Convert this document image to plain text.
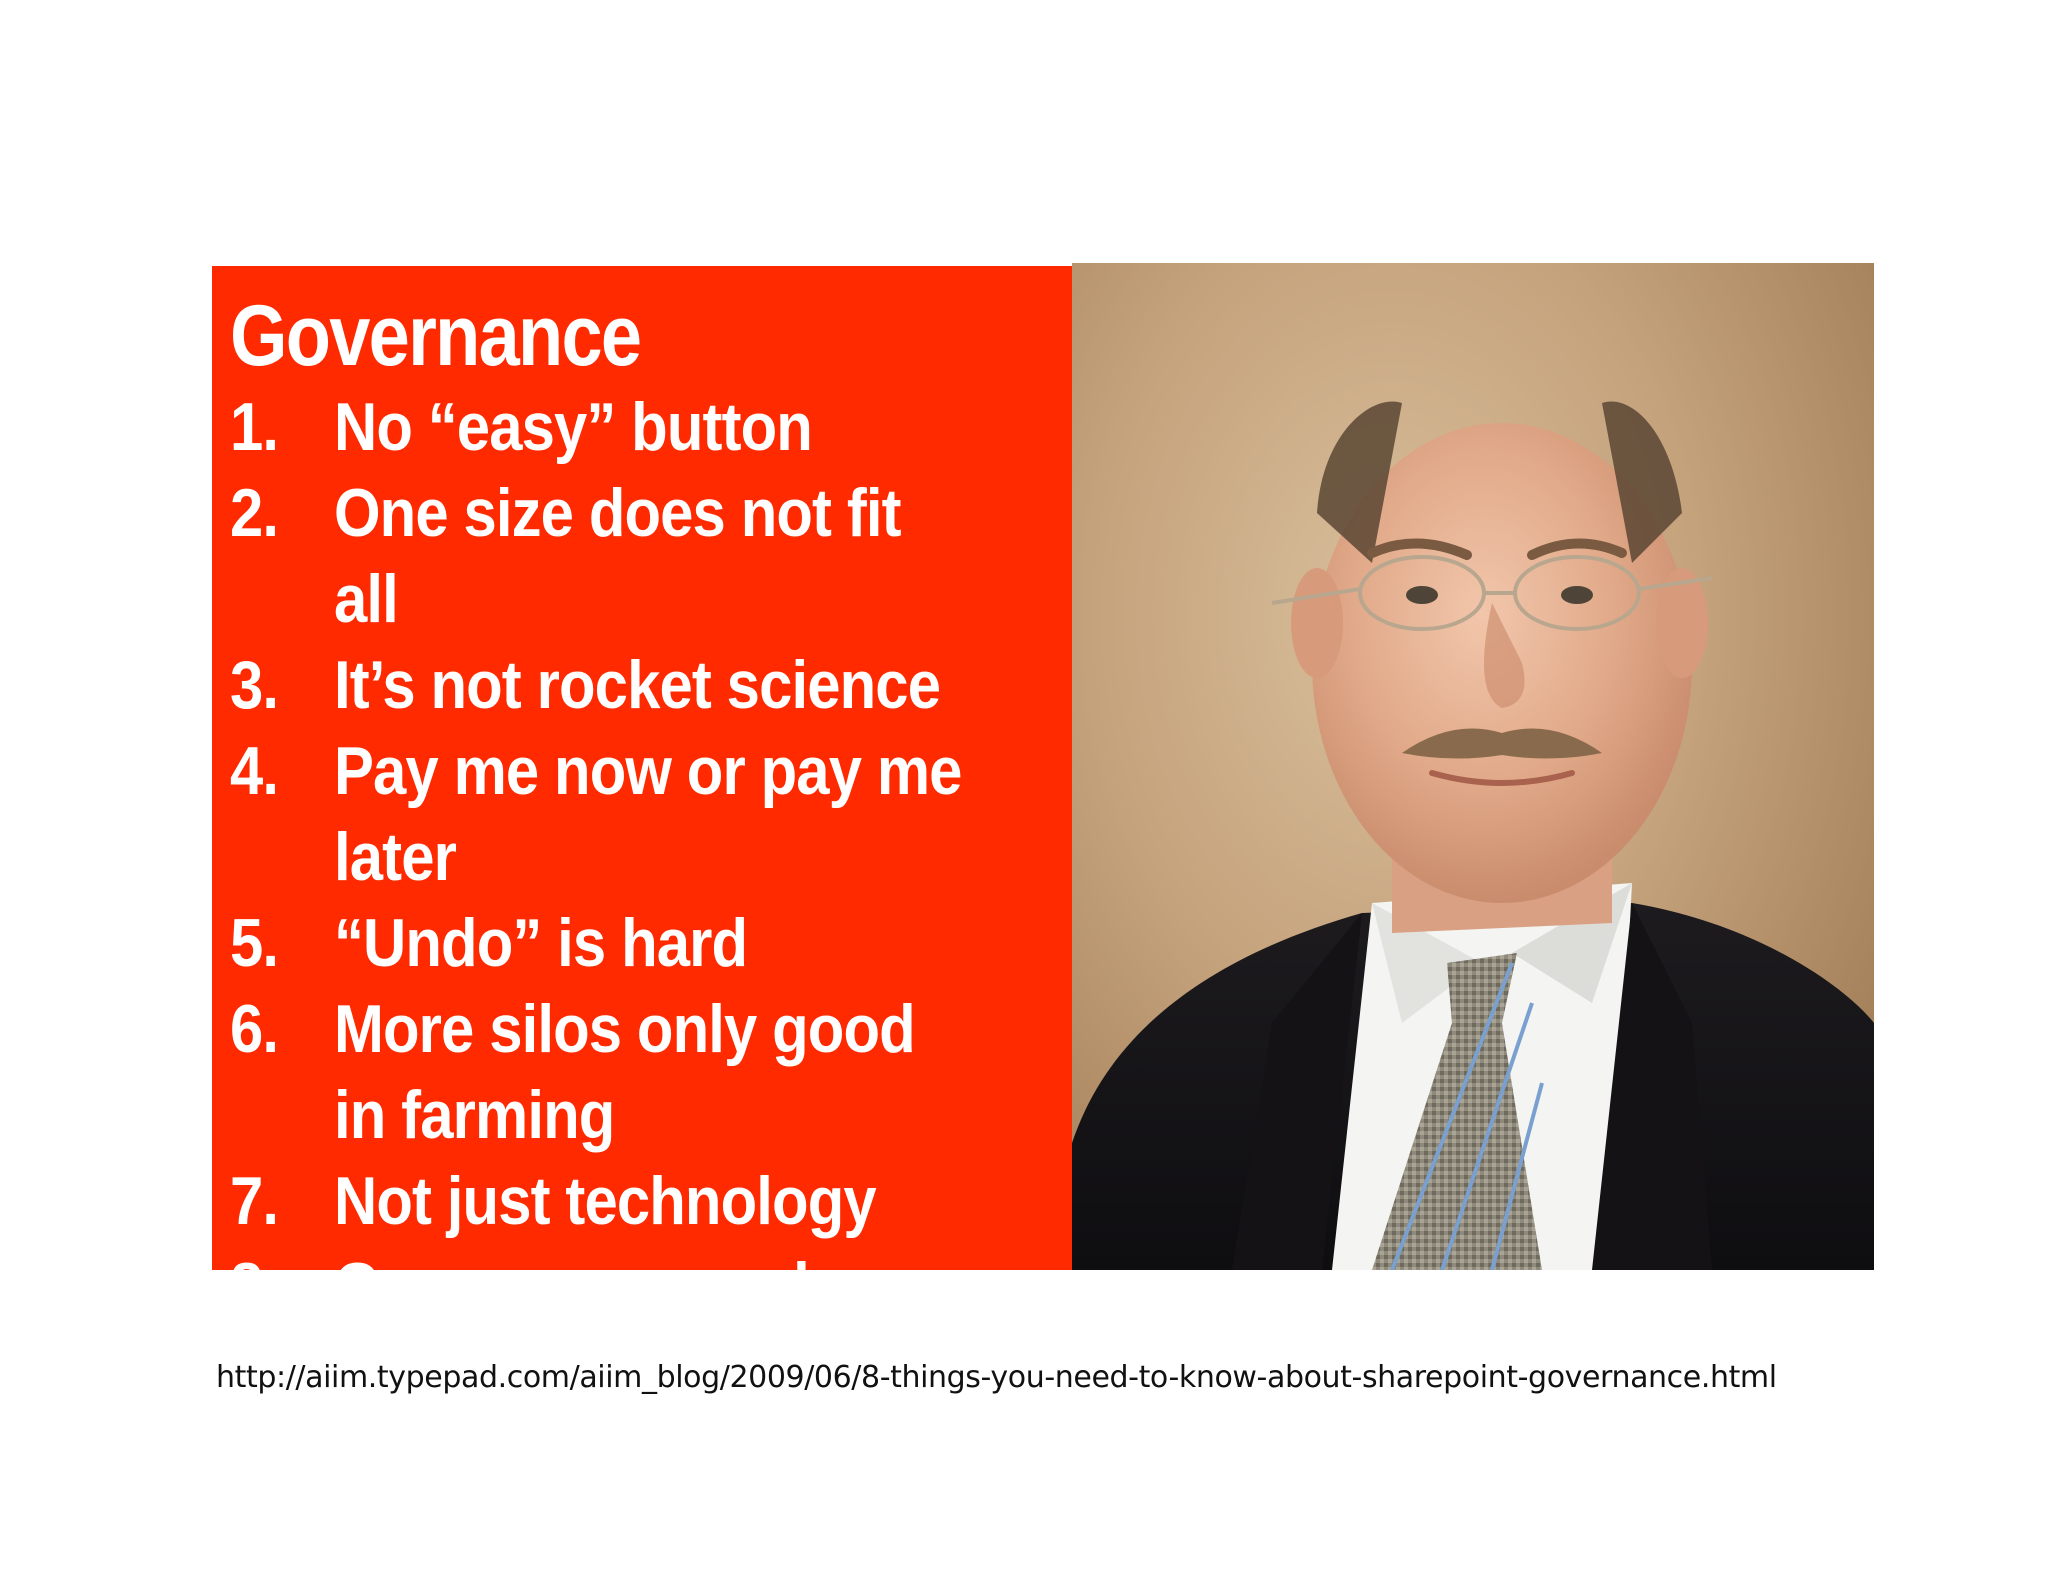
Governance
1. No “easy” button
2. One size does not fit all
3. It’s not rocket science
4. Pay me now or pay me later
5. “Undo” is hard
6. More silos only good in farming
7. Not just technology
8. Governance or chaos
http://aiim.typepad.com/aiim_blog/2009/06/8-things-you-need-to-know-about-sharepoint-governance.html
